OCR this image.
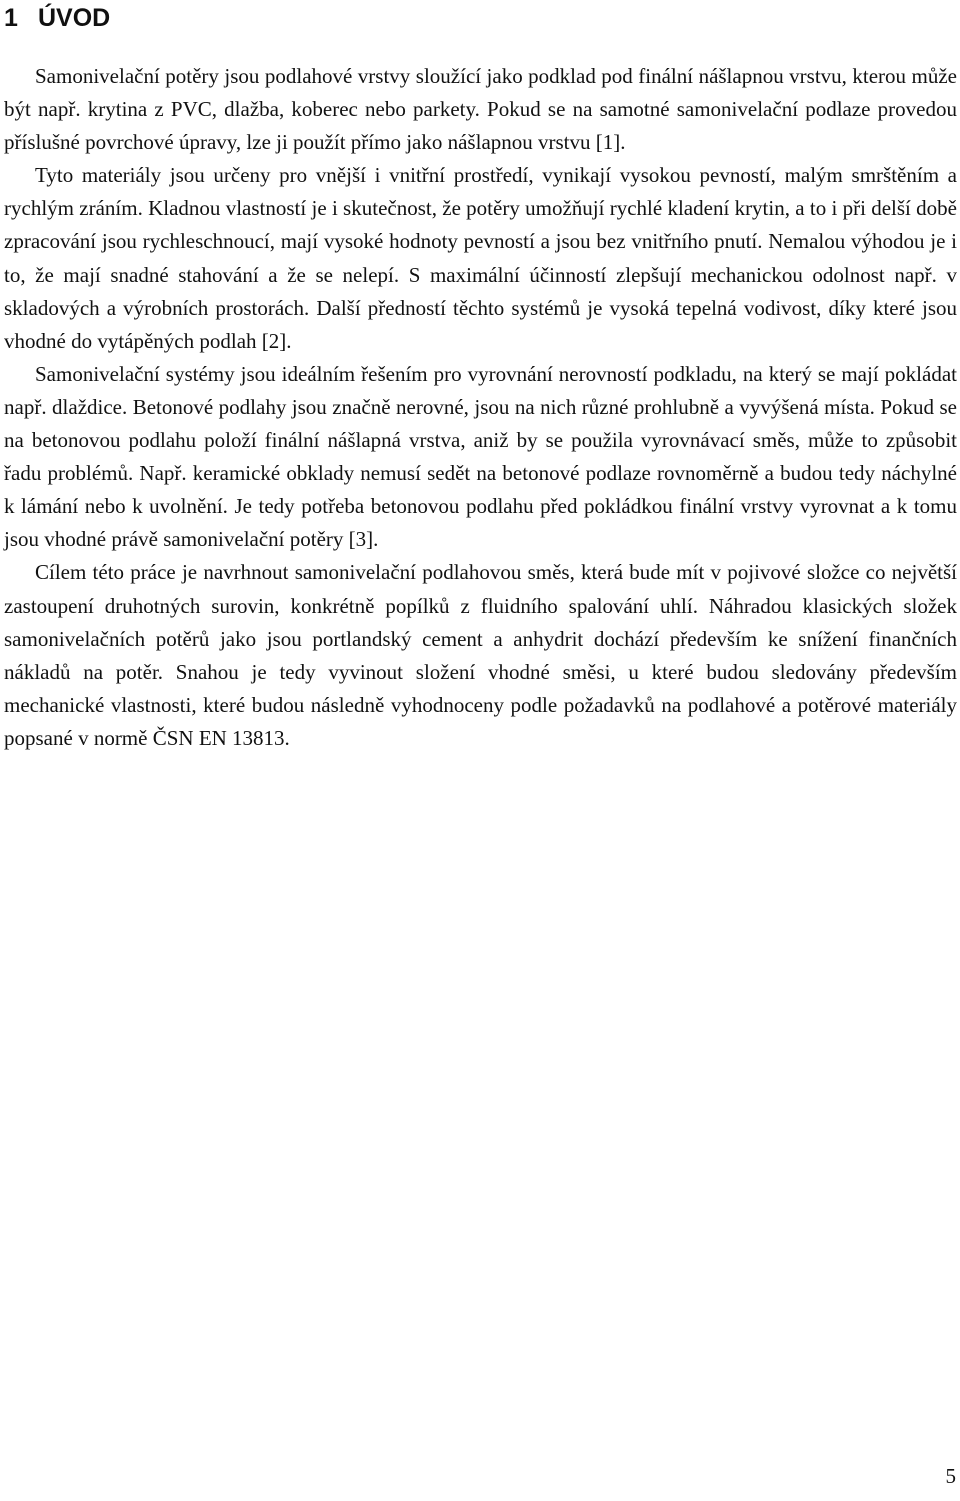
1 ÚVOD

Samonivelační potěry jsou podlahové vrstvy sloužící jako podklad pod finální nášlapnou vrstvu, kterou může být např. krytina z PVC, dlažba, koberec nebo parkety. Pokud se na samotné samonivelační podlaze provedou příslušné povrchové úpravy, lze ji použít přímo jako nášlapnou vrstvu [1].

Tyto materiály jsou určeny pro vnější i vnitřní prostředí, vynikají vysokou pevností, malým smrštěním a rychlým zráním. Kladnou vlastností je i skutečnost, že potěry umožňují rychlé kladení krytin, a to i při delší době zpracování jsou rychleschnoucí, mají vysoké hodnoty pevností a jsou bez vnitřního pnutí. Nemalou výhodou je i to, že mají snadné stahování a že se nelepí. S maximální účinností zlepšují mechanickou odolnost např. v skladových a výrobních prostorách. Další předností těchto systémů je vysoká tepelná vodivost, díky které jsou vhodné do vytápěných podlah [2].

Samonivelační systémy jsou ideálním řešením pro vyrovnání nerovností podkladu, na který se mají pokládat např. dlaždice. Betonové podlahy jsou značně nerovné, jsou na nich různé prohlubně a vyvýšená místa. Pokud se na betonovou podlahu položí finální nášlapná vrstva, aniž by se použila vyrovnávací směs, může to způsobit řadu problémů. Např. keramické obklady nemusí sedět na betonové podlaze rovnoměrně a budou tedy náchylné k lámání nebo k uvolnění. Je tedy potřeba betonovou podlahu před pokládkou finální vrstvy vyrovnat a k tomu jsou vhodné právě samonivelační potěry [3].

Cílem této práce je navrhnout samonivelační podlahovou směs, která bude mít v pojivové složce co největší zastoupení druhotných surovin, konkrétně popílků z fluidního spalování uhlí. Náhradou klasických složek samonivelačních potěrů jako jsou portlandský cement a anhydrit dochází především ke snížení finančních nákladů na potěr. Snahou je tedy vyvinout složení vhodné směsi, u které budou sledovány především mechanické vlastnosti, které budou následně vyhodnoceny podle požadavků na podlahové a potěrové materiály popsané v normě ČSN EN 13813.

5
